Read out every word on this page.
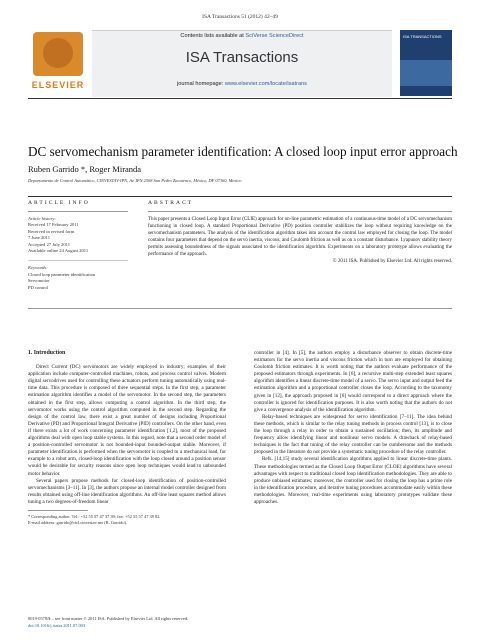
ISA Transactions 51 (2012) 42–49
ELSEVIER
Contents lists available at SciVerse ScienceDirect
ISA Transactions
journal homepage: www.elsevier.com/locate/isatrans
ISA TRANSACTIONS
DC servomechanism parameter identification: A closed loop input error approach
Ruben Garrido *, Roger Miranda
Departamento de Control Automático, CINVESTAV-IPN, Av. IPN 2508 San Pedro Zacatenco, México, DF 07360, Mexico
ARTICLE INFO
Article history:
Received 17 February 2011
Received in revised form
7 June 2011
Accepted 27 July 2011
Available online 24 August 2011
Keywords:
Closed loop parameter identification
Servomotor
PD control
ABSTRACT
This paper presents a Closed Loop Input Error (CLIE) approach for on-line parametric estimation of a continuous-time model of a DC servomechanism functioning in closed loop. A standard Proportional Derivative (PD) position controller stabilizes the loop without requiring knowledge on the servomechanism parameters. The analysis of the identification algorithm takes into account the control law employed for closing the loop. The model contains four parameters that depend on the servo inertia, viscous, and Coulomb friction as well as on a constant disturbance. Lyapunov stability theory permits assessing boundedness of the signals associated to the identification algorithm. Experiments on a laboratory prototype allows evaluating the performance of the approach.
© 2011 ISA. Published by Elsevier Ltd. All rights reserved.
1. Introduction

Direct Current (DC) servomotors are widely employed in industry; examples of their application include computer-controlled machines, robots, and process control valves. Modern digital servodrives used for controlling these actuators perform tuning automatically using real-time data. This procedure is composed of three sequential steps. In the first step, a parameter estimation algorithm identifies a model of the servomotor. In the second step, the parameters obtained in the first step, allows computing a control algorithm. In the third step, the servomotor works using the control algorithm computed in the second step. Regarding the design of the control law, there exist a great number of designs including Proportional Derivative (PD) and Proportional Integral Derivative (PID) controllers. On the other hand, even if there exists a lot of work concerning parameter identification [1,2], most of the proposed algorithms deal with open loop stable systems. In this regard, note that a second order model of a position-controlled servomotor is not bounded-input bounded-output stable. Moreover, if parameter identification is performed when the servomotor is coupled to a mechanical load, for example to a robot arm, closed-loop identification with the loop closed around a position sensor would be desirable for security reasons since open loop techniques would lead to unbounded motor behavior.

Several papers propose methods for closed-loop identification of position-controlled servomechanisms [3–11]. In [3], the authors propose an internal model controller designed from results obtained using off-line identification algorithms. An off-line least squares method allows tuning a two degrees-of-freedom linear

* Corresponding author. Tel.: +52 55 57 47 37 39; fax: +52 55 57 47 39 82.
E-mail address: garrido@ctrl.cinvestav.mx (R. Garrido).

controller in [4]. In [5], the authors employ a disturbance observer to obtain discrete-time estimators for the servo inertia and viscous friction which in turn are employed for obtaining Coulomb friction estimates. It is worth noting that the authors evaluate performance of the proposed estimators through experiments. In [6], a recursive multi-step extended least squares algorithm identifies a linear discrete-time model of a servo. The servo input and output feed the estimation algorithm and a proportional controller closes the loop. According to the taxonomy given in [12], the approach proposed in [6] would correspond to a direct approach where the controller is ignored for identification purposes. It is also worth noting that the authors do not give a convergence analysis of the identification algorithm.

Relay-based techniques are widespread for servo identification [7–11]. The idea behind these methods, which is similar to the relay tuning methods in process control [13], is to close the loop through a relay in order to obtain a sustained oscillation; then, its amplitude and frequency allow identifying linear and nonlinear servo models. A drawback of relay-based techniques is the fact that tuning of the relay controller can be cumbersome and the methods proposed in the literature do not provide a systematic tuning procedure of the relay controller.

Refs. [14,15] study several identification algorithms applied to linear discrete-time plants. These methodologies termed as the Closed Loop Output Error (CLOE) algorithms have several advantages with respect to traditional closed loop identification methodologies. They are able to produce unbiased estimates; moreover, the controller used for closing the loop has a prime role in the identification procedure, and iterative tuning procedures accommodate easily within these methodologies. Moreover, real-time experiments using laboratory prototypes validate these approaches.

0019-0578/$ – see front matter © 2011 ISA. Published by Elsevier Ltd. All rights reserved.
doi:10.1016/j.isatra.2011.07.003
